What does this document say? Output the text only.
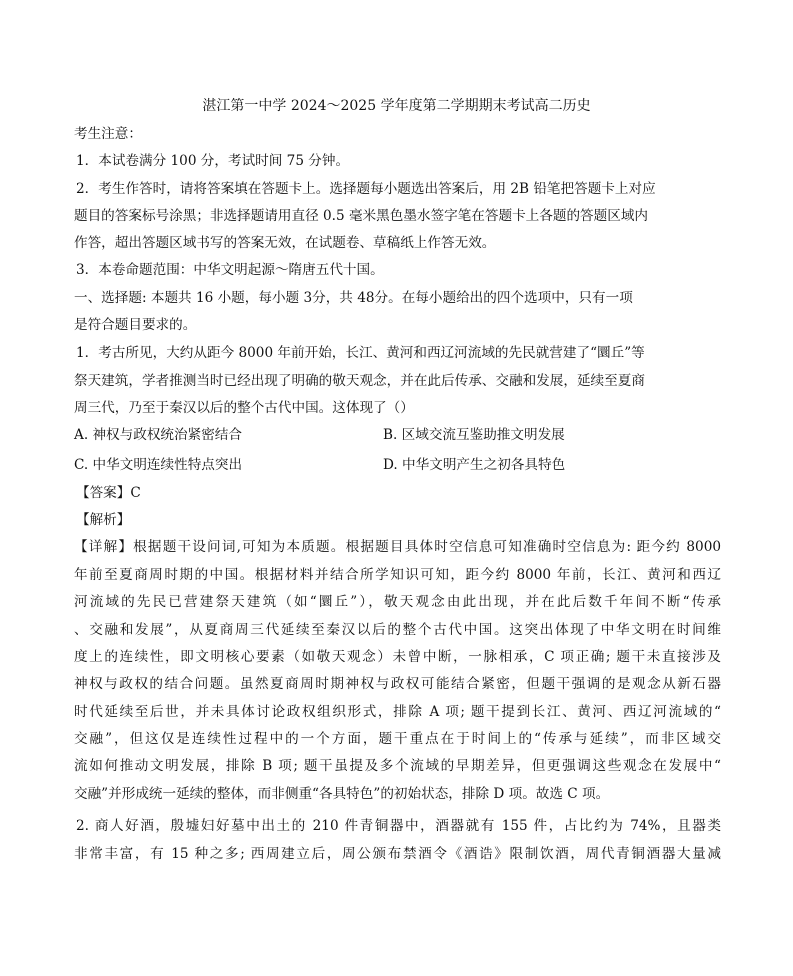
湛江第一中学 2024～2025 学年度第二学期期末考试高二历史
考生注意：
1．本试卷满分 100 分，考试时间 75 分钟。
2．考生作答时，请将答案填在答题卡上。选择题每小题选出答案后，用 2B 铅笔把答题卡上对应
题目的答案标号涂黑；非选择题请用直径 0.5 毫米黑色墨水签字笔在答题卡上各题的答题区域内
作答，超出答题区域书写的答案无效，在试题卷、草稿纸上作答无效。
3．本卷命题范围：中华文明起源～隋唐五代十国。
一、选择题: 本题共 16 小题，每小题 3分，共 48分。在每小题给出的四个选项中，只有一项
是符合题目要求的。
1．考古所见，大约从距今 8000 年前开始，长江、黄河和西辽河流域的先民就营建了“圜丘”等
祭天建筑，学者推测当时已经出现了明确的敬天观念，并在此后传承、交融和发展，延续至夏商
周三代，乃至于秦汉以后的整个古代中国。这体现了（）
A. 神权与政权统治紧密结合	B. 区域交流互鉴助推文明发展
C. 中华文明连续性特点突出	D. 中华文明产生之初各具特色
【答案】C
【解析】
【详解】根据题干设问词,可知为本质题。根据题目具体时空信息可知准确时空信息为: 距今约 8000
年前至夏商周时期的中国。根据材料并结合所学知识可知，距今约 8000 年前，长江、黄河和西辽
河流域的先民已营建祭天建筑（如“圜丘”），敬天观念由此出现，并在此后数千年间不断“传承
、交融和发展”，从夏商周三代延续至秦汉以后的整个古代中国。这突出体现了中华文明在时间维
度上的连续性，即文明核心要素（如敬天观念）未曾中断，一脉相承，C 项正确; 题干未直接涉及
神权与政权的结合问题。虽然夏商周时期神权与政权可能结合紧密，但题干强调的是观念从新石器
时代延续至后世，并未具体讨论政权组织形式，排除 A 项; 题干提到长江、黄河、西辽河流域的“
交融”，但这仅是连续性过程中的一个方面，题干重点在于时间上的“传承与延续”，而非区域交
流如何推动文明发展，排除 B 项; 题干虽提及多个流域的早期差异，但更强调这些观念在发展中“
交融”并形成统一延续的整体，而非侧重“各具特色”的初始状态，排除 D 项。故选 C 项。
2. 商人好酒，殷墟妇好墓中出土的 210 件青铜器中，酒器就有 155 件，占比约为 74%，且器类
非常丰富，有 15 种之多; 西周建立后，周公颁布禁酒令《酒诰》限制饮酒，周代青铜酒器大量减
